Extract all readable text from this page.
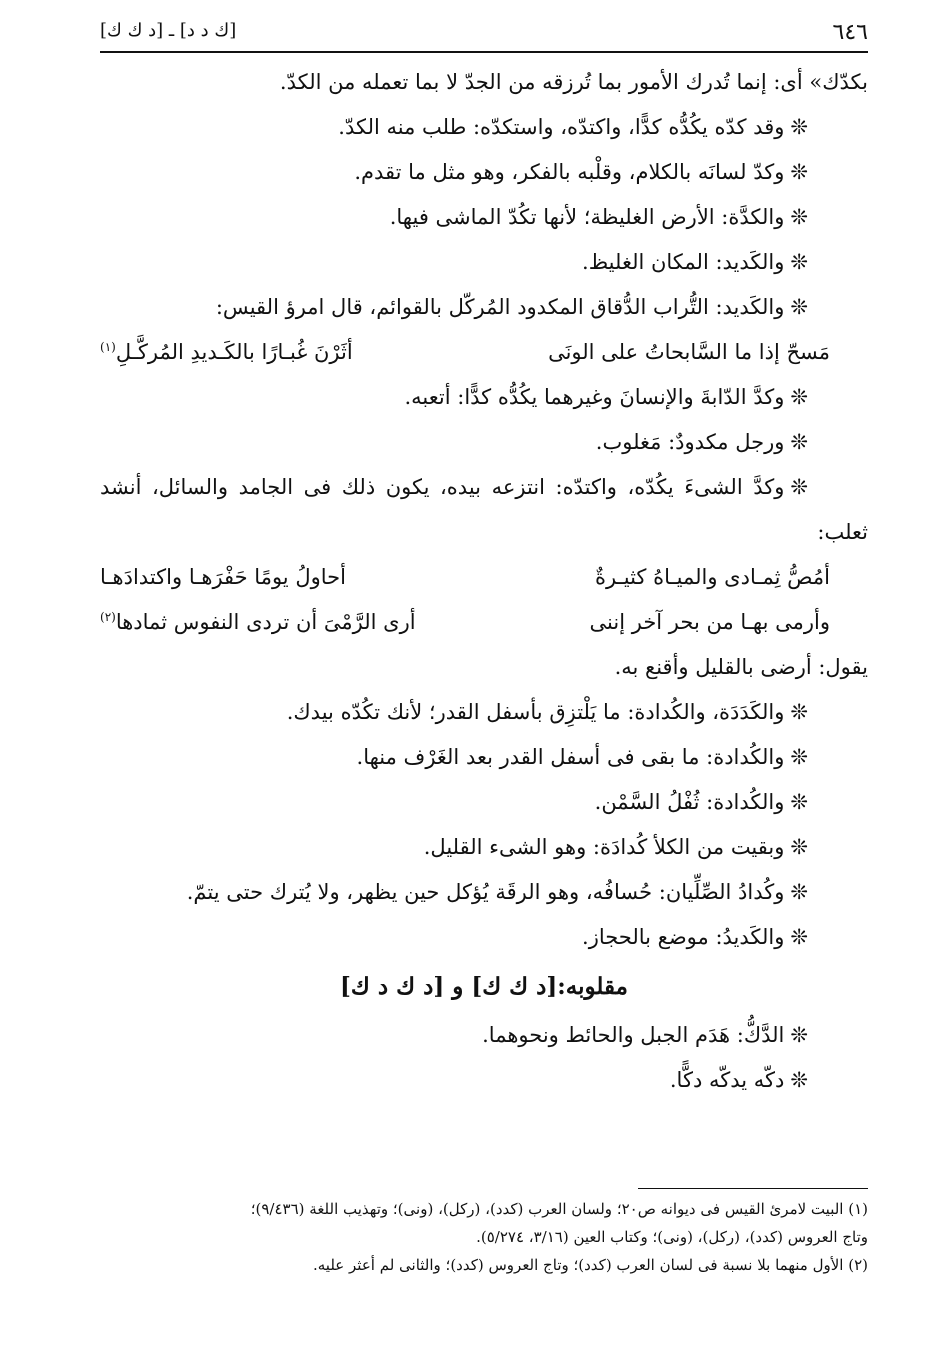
٦٤٦
[ك د د] ـ [د ك ك]

بكدّك» أى: إنما تُدرك الأمور بما تُرزقه من الجدّ لا بما تعمله من الكدّ.

❊وقد كدّه يكُدُّه كدًّا، واكتدّه، واستكدّه: طلب منه الكدّ.

❊وكدّ لسانَه بالكلام، وقلْبه بالفكر، وهو مثل ما تقدم.

❊والكدَّة: الأرض الغليظة؛ لأنها تكُدّ الماشى فيها.

❊والكَديد: المكان الغليظ.

❊والكَديد: التُّراب الدُّقاق المكدود المُركّل بالقوائم، قال امرؤ القيس:

مَسحّ إذا ما السَّابحاتُ على الونَى
أثَرْنَ غُبـارًا بالكَـديدِ المُركَّـلِ$^{(١)}$

❊وكدَّ الدّابةَ والإنسانَ وغيرهما يكُدُّه كدًّا: أتعبه.

❊ورجل مكدودٌ: مَغلوب.

❊وكدَّ الشىءَ يكُدّه، واكتدّه: انتزعه بيده، يكون ذلك فى الجامد والسائل، أنشد

ثعلب:

أمُصُّ ثِمـادى والميـاهُ كثيـرةٌ
أحاولُ يومًا حَفْرَهـا واكتدادَهـا
وأرمى بهـا من بحر آخر إننى
أرى الرَّمْىَ أن تردى النفوس ثمادها$^{(٢)}$

يقول: أرضى بالقليل وأقنع به.

❊والكَدَدَة، والكُدادة: ما يَلْتزِق بأسفل القدر؛ لأنك تكُدّه بيدك.

❊والكُدادة: ما بقى فى أسفل القدر بعد الغَرْف منها.

❊والكُدادة: ثُفْلُ السَّمْن.

❊وبقيت من الكلأ كُدادَة: وهو الشىء القليل.

❊وكُدادُ الصِّلِّيان: حُسافُه، وهو الرقَة يُؤكل حين يظهر، ولا يُترك حتى يتمّ.

❊والكَديدُ: موضع بالحجاز.

مقلوبه:[د ك ك] و [د ك د ك]

❊الدَّكُّ: هَدَم الجبل والحائط ونحوهما.

❊دكّه يدكّه دكًّا.

(١) البيت لامرئ القيس فى ديوانه ص٢٠؛ ولسان العرب (كدد)، (ركل)، (ونى)؛ وتهذيب اللغة (٩/٤٣٦)؛

وتاج العروس (كدد)، (ركل)، (ونى)؛ وكتاب العين (٣/١٦، ٥/٢٧٤).

(٢) الأول منهما بلا نسبة فى لسان العرب (كدد)؛ وتاج العروس (كدد)؛ والثانى لم أعثر عليه.
